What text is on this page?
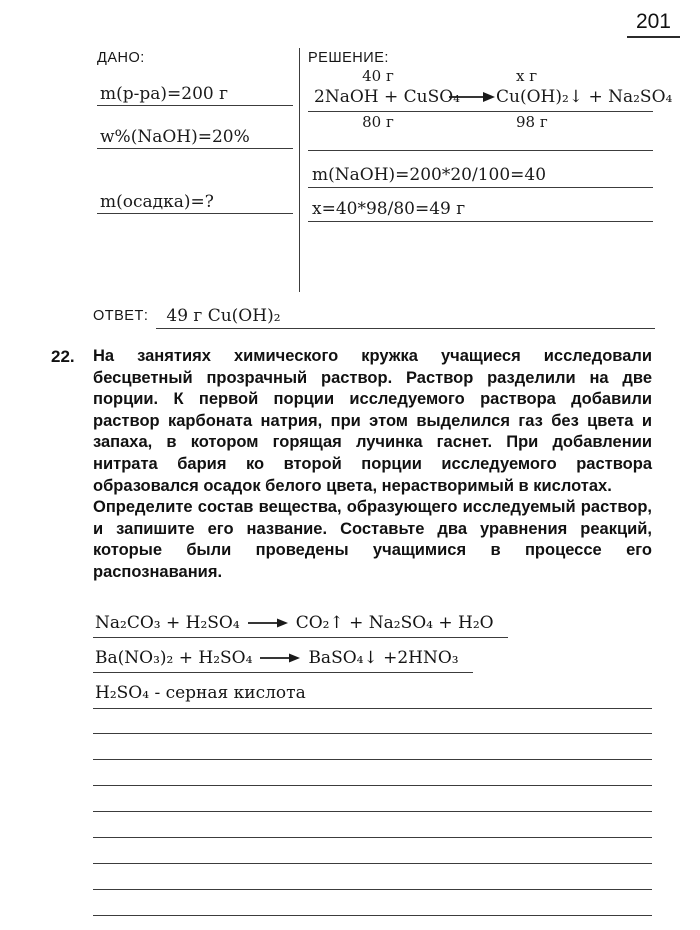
201
ДАНО:
m(р-ра)=200 г
w%(NaOH)=20%
m(осадка)=?
РЕШЕНИЕ:
40 г	х г
2NaOH + CuSO₄ Cu(OH)₂↓ + Na₂SO₄
80 г	98 г
m(NaOH)=200*20/100=40
x=40*98/80=49 г
ОТВЕТ:	49 г Cu(OH)₂
22. На занятиях химического кружка учащиеся исследовали бесцветный прозрачный раствор. Раствор разделили на две порции. К первой порции исследуемого раствора добавили раствор карбоната натрия, при этом выделился газ без цвета и запаха, в котором горящая лучинка гаснет. При добавлении нитрата бария ко второй порции исследуемого раствора образовался осадок белого цвета, нерастворимый в кислотах.

Определите состав вещества, образующего исследуемый раствор, и запишите его название. Составьте два уравнения реакций, которые были проведены учащимися в процессе его распознавания.

Na₂CO₃ + H₂SO₄ → CO₂↑ + Na₂SO₄ + H₂O
Ba(NO₃)₂ + H₂SO₄ → BaSO₄↓ +2HNO₃
H₂SO₄ - серная кислота
